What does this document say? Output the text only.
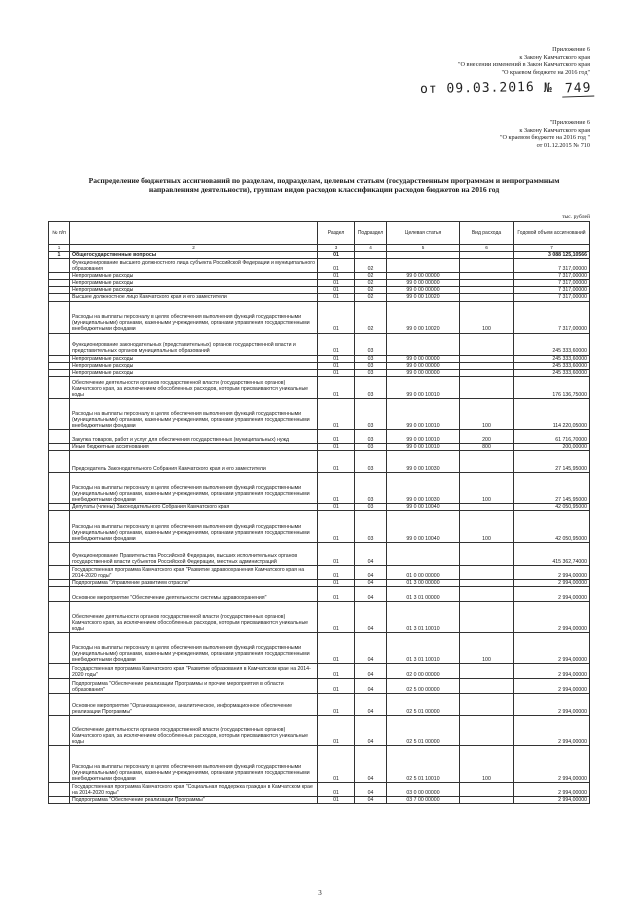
Приложение 6
к Закону Камчатского края
"О внесении изменений в Закон Камчатского края
"О краевом бюджете на 2016 год"
от 09.03.2016 № 749
"Приложение 6
к Закону Камчатского края
"О краевом бюджете на 2016 год "
от 01.12.2015 № 710
Распределение бюджетных ассигнований по разделам, подразделам, целевым статьям (государственным программам и непрограммным направлениям деятельности), группам видов расходов классификации расходов бюджетов на 2016 год
тыс. рублей
№ п/п		Раздел	Подраздел	Целевая статья	Вид расхода	Годовой объем ассигнований
1	2	3	4	5	6	7
1	Общегосударственные вопросы	01				3 088 125,10566
	Функционирование высшего должностного лица субъекта Российской Федерации и муниципального образования	01	02			7 317,00000
	Непрограммные расходы	01	02	99 0 00 00000		7 317,00000
	Непрограммные расходы	01	02	99 0 00 00000		7 317,00000
	Непрограммные расходы	01	02	99 0 00 00000		7 317,00000
	Высшее должностное лицо Камчатского края и его заместители	01	02	99 0 00 10020		7 317,00000
	Расходы на выплаты персоналу в целях обеспечения выполнения функций государственными (муниципальными) органами, казенными учреждениями, органами управления государственными внебюджетными фондами	01	02	99 0 00 10020	100	7 317,00000
	Функционирование законодательных (представительных) органов государственной власти и представительных органов муниципальных образований	01	03			245 333,60000
	Непрограммные расходы	01	03	99 0 00 00000		245 333,60000
	Непрограммные расходы	01	03	99 0 00 00000		245 333,60000
	Непрограммные расходы	01	03	99 0 00 00000		245 333,60000
	Обеспечение деятельности органов государственной власти (государственных органов) Камчатского края, за исключением обособленных расходов, которым присваиваются уникальные коды	01	03	99 0 00 10010		176 136,75000
	Расходы на выплаты персоналу в целях обеспечения выполнения функций государственными (муниципальными) органами, казенными учреждениями, органами управления государственными внебюджетными фондами	01	03	99 0 00 10010	100	114 220,05000
	Закупка товаров, работ и услуг для обеспечения государственных (муниципальных) нужд	01	03	99 0 00 10010	200	61 716,70000
	Иные бюджетные ассигнования	01	03	99 0 00 10010	800	200,00000
	Председатель Законодательного Собрания Камчатского края и его заместители	01	03	99 0 00 10030		27 145,95000
	Расходы на выплаты персоналу в целях обеспечения выполнения функций государственными (муниципальными) органами, казенными учреждениями, органами управления государственными внебюджетными фондами	01	03	99 0 00 10030	100	27 145,95000
	Депутаты (члены) Законодательного Собрания Камчатского края	01	03	99 0 00 10040		42 050,95000
	Расходы на выплаты персоналу в целях обеспечения выполнения функций государственными (муниципальными) органами, казенными учреждениями, органами управления государственными внебюджетными фондами	01	03	99 0 00 10040	100	42 050,95000
	Функционирование Правительства Российской Федерации, высших исполнительных органов государственной власти субъектов Российской Федерации, местных администраций	01	04			415 362,74000
	Государственная программа Камчатского края "Развитие здравоохранения Камчатского края на 2014-2020 годы"	01	04	01 0 00 00000		2 994,00000
	Подпрограмма "Управление развитием отрасли"	01	04	01 3 00 00000		2 994,00000
	Основное мероприятие "Обеспечение деятельности системы здравоохранения"	01	04	01 3 01 00000		2 994,00000
	Обеспечение деятельности органов государственной власти (государственных органов) Камчатского края, за исключением обособленных расходов, которым присваиваются уникальные коды	01	04	01 3 01 10010		2 994,00000
	Расходы на выплаты персоналу в целях обеспечения выполнения функций государственными (муниципальными) органами, казенными учреждениями, органами управления государственными внебюджетными фондами	01	04	01 3 01 10010	100	2 994,00000
	Государственная программа Камчатского края "Развитие образования в Камчатском крае на 2014-2020 годы"	01	04	02 0 00 00000		2 994,00000
	Подпрограмма "Обеспечение реализации Программы и прочие мероприятия в области образования"	01	04	02 5 00 00000		2 994,00000
	Основное мероприятие "Организационное, аналитическое, информационное обеспечение реализации Программы"	01	04	02 5 01 00000		2 994,00000
	Обеспечение деятельности органов государственной власти (государственных органов) Камчатского края, за исключением обособленных расходов, которым присваиваются уникальные коды	01	04	02 5 01 00000		2 994,00000
	Расходы на выплаты персоналу в целях обеспечения выполнения функций государственными (муниципальными) органами, казенными учреждениями, органами управления государственными внебюджетными фондами	01	04	02 5 01 10010	100	2 994,00000
	Государственная программа Камчатского края "Социальная поддержка граждан в Камчатском крае на 2014-2020 годы"	01	04	03 0 00 00000		2 994,00000
	Подпрограмма "Обеспечение реализации Программы"	01	04	03 7 00 00000		2 994,00000
3
